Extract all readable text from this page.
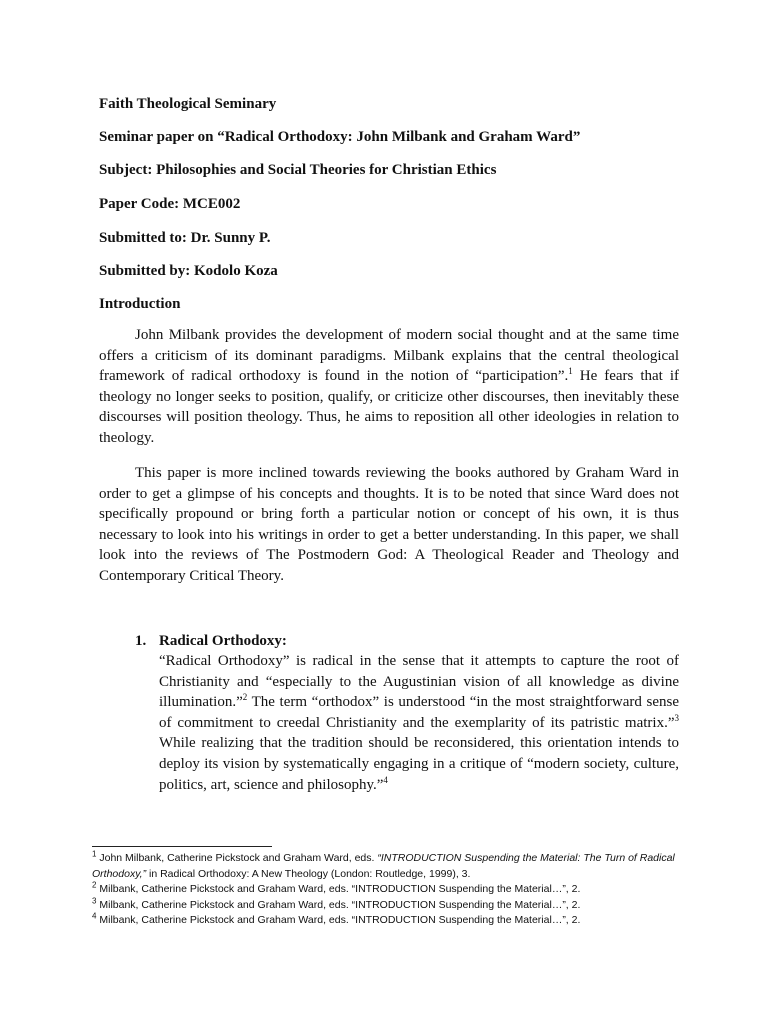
Faith Theological Seminary
Seminar paper on “Radical Orthodoxy: John Milbank and Graham Ward”
Subject: Philosophies and Social Theories for Christian Ethics
Paper Code: MCE002
Submitted to: Dr. Sunny P.
Submitted by: Kodolo Koza
Introduction

John Milbank provides the development of modern social thought and at the same time offers a criticism of its dominant paradigms. Milbank explains that the central theological framework of radical orthodoxy is found in the notion of “participation”.$^1$ He fears that if theology no longer seeks to position, qualify, or criticize other discourses, then inevitably these discourses will position theology. Thus, he aims to reposition all other ideologies in relation to theology.

This paper is more inclined towards reviewing the books authored by Graham Ward in order to get a glimpse of his concepts and thoughts. It is to be noted that since Ward does not specifically propound or bring forth a particular notion or concept of his own, it is thus necessary to look into his writings in order to get a better understanding. In this paper, we shall look into the reviews of The Postmodern God: A Theological Reader and Theology and Contemporary Critical Theory.

1. Radical Orthodoxy:

“Radical Orthodoxy” is radical in the sense that it attempts to capture the root of Christianity and “especially to the Augustinian vision of all knowledge as divine illumination.”$^2$ The term “orthodox” is understood “in the most straightforward sense of commitment to creedal Christianity and the exemplarity of its patristic matrix.”$^3$ While realizing that the tradition should be reconsidered, this orientation intends to deploy its vision by systematically engaging in a critique of “modern society, culture, politics, art, science and philosophy.”$^4$

$^1$ John Milbank, Catherine Pickstock and Graham Ward, eds. “INTRODUCTION Suspending the Material: The Turn of Radical Orthodoxy,” in Radical Orthodoxy: A New Theology (London: Routledge, 1999), 3.

$^2$ Milbank, Catherine Pickstock and Graham Ward, eds. “INTRODUCTION Suspending the Material…”, 2.

$^3$ Milbank, Catherine Pickstock and Graham Ward, eds. “INTRODUCTION Suspending the Material…”, 2.

$^4$ Milbank, Catherine Pickstock and Graham Ward, eds. “INTRODUCTION Suspending the Material…”, 2.
